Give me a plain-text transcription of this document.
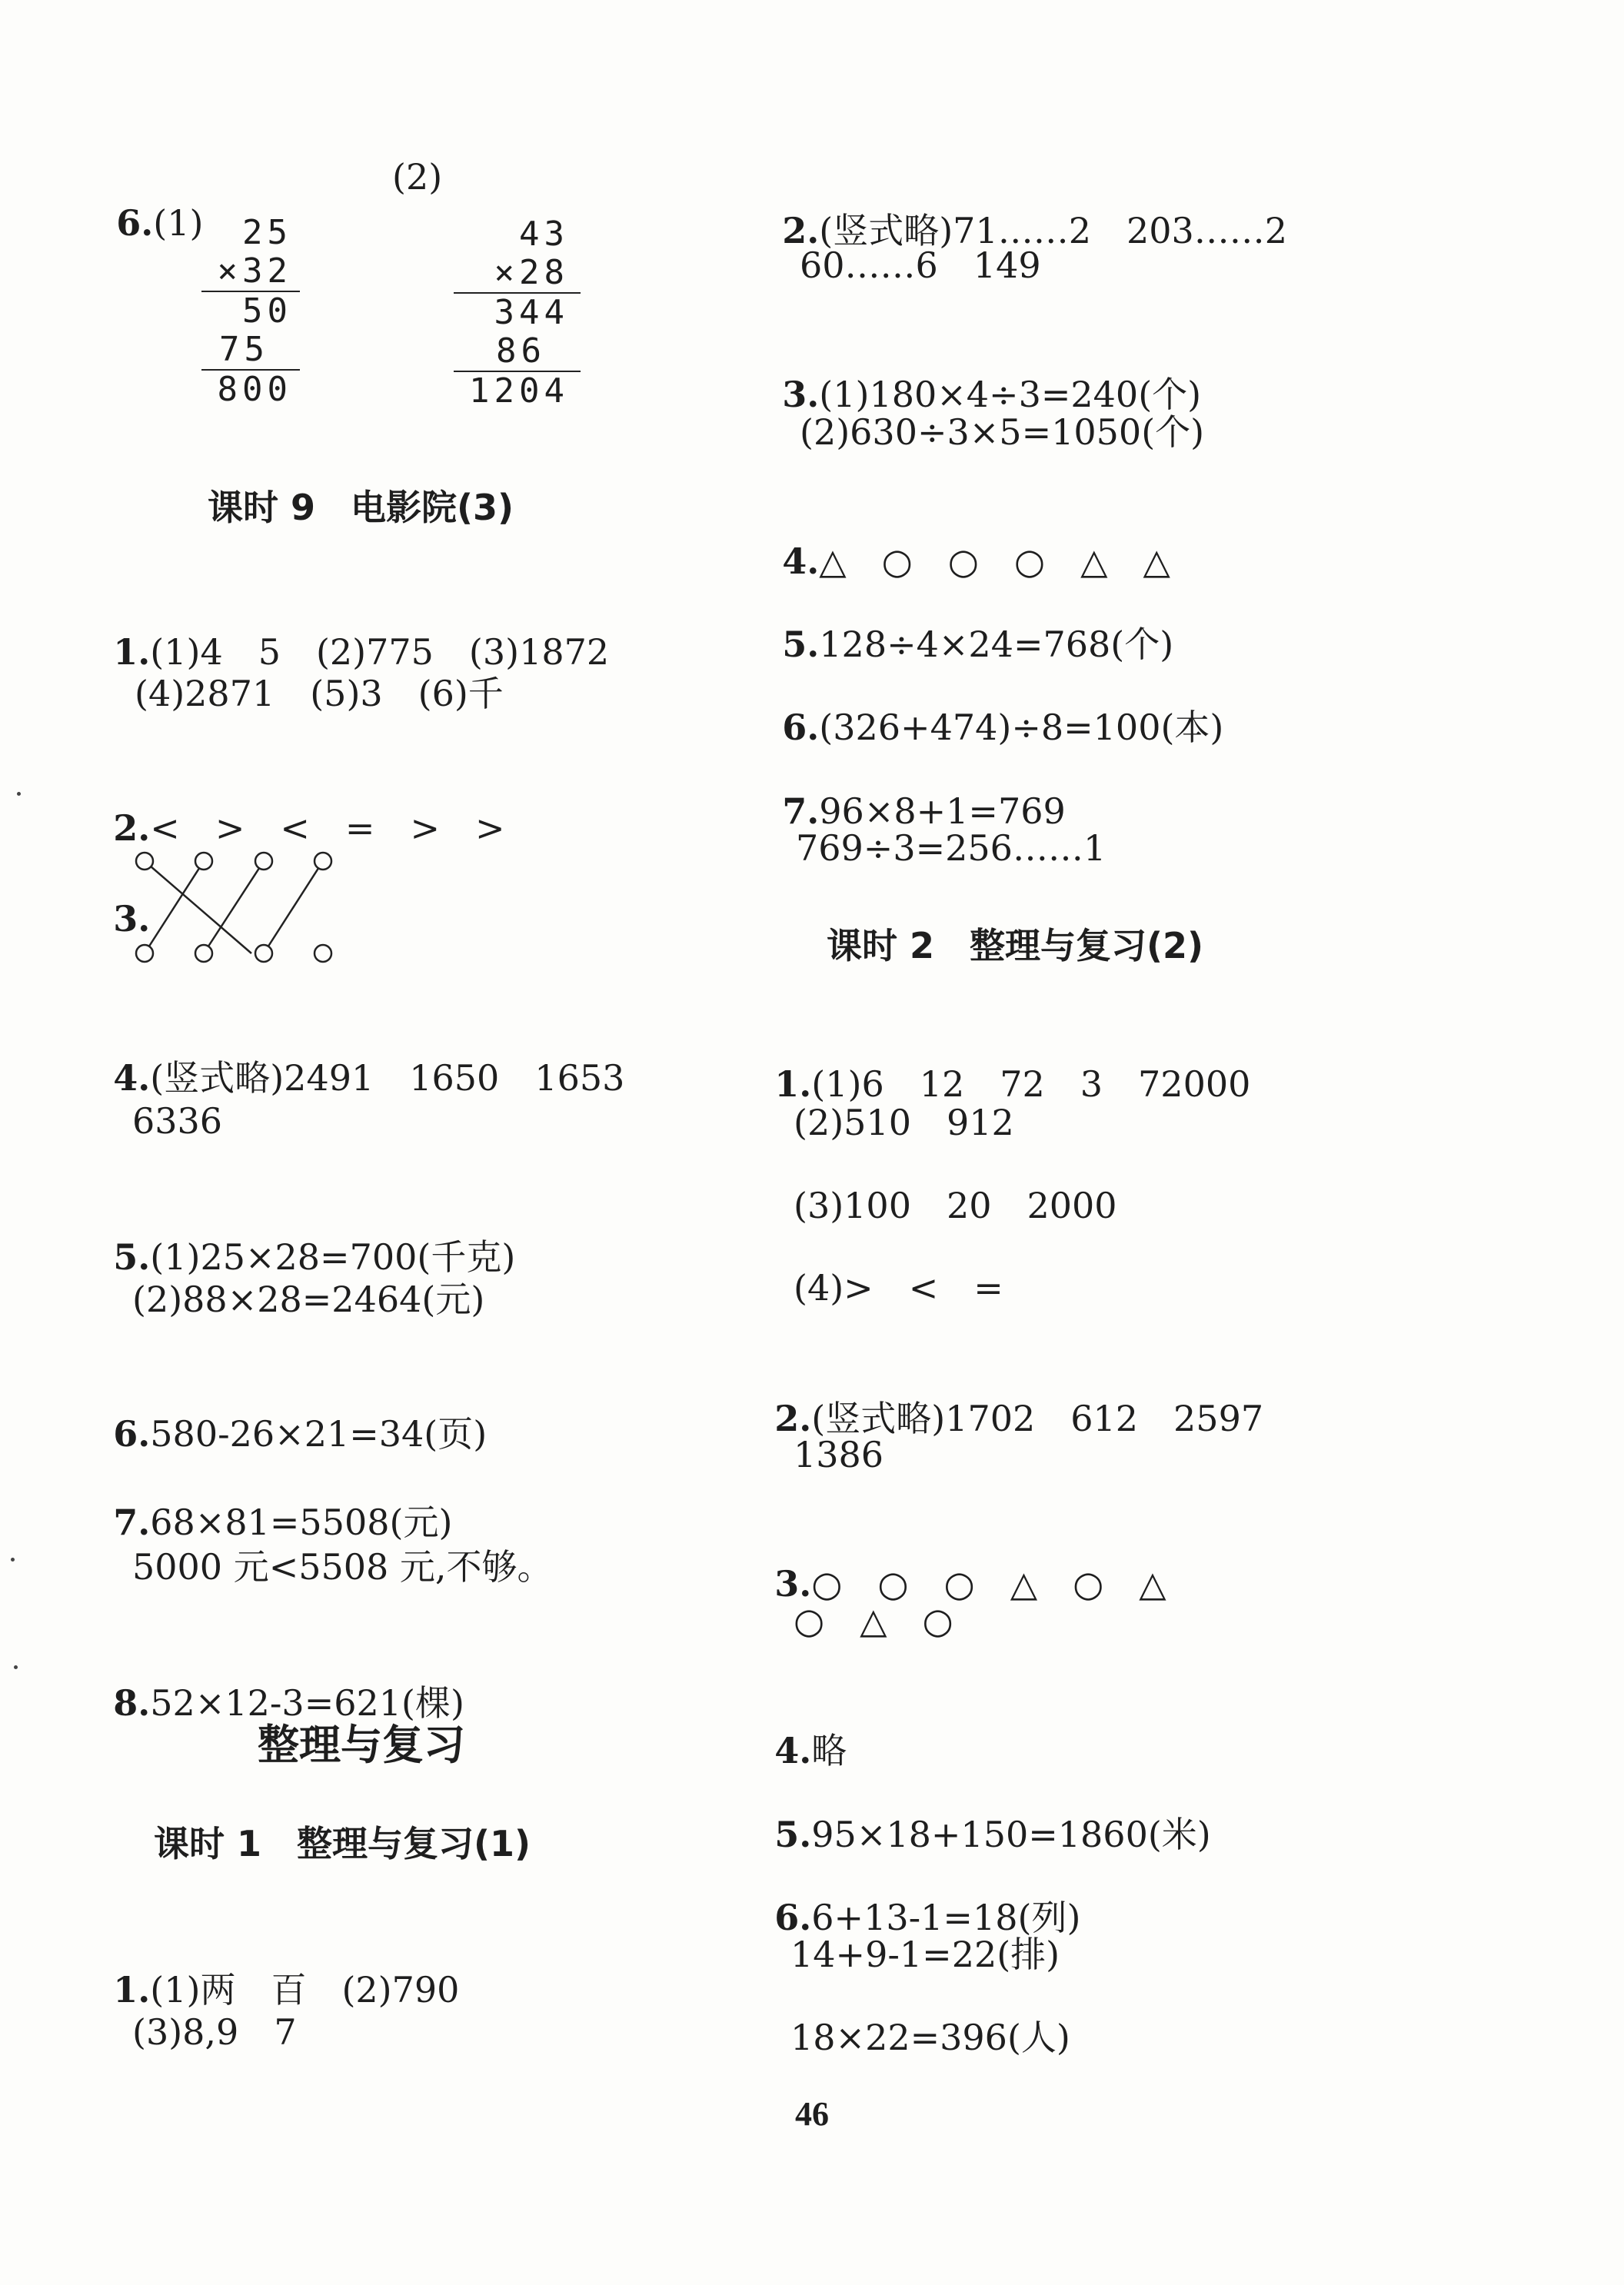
6.(1)

(2)
25
×32
50
75
800
43
×28
344
86
1204
课时 9　电影院(3)

1.(1)4　5　(2)775　(3)1872

(4)2871　(5)3　(6)千

2.<　>　<　=　>　>

3.

4.(竖式略)2491　1650　1653

6336

5.(1)25×28=700(千克)

(2)88×28=2464(元)

6.580-26×21=34(页)

7.68×81=5508(元)

5000 元<5508 元,不够。

8.52×12-3=621(棵)

整理与复习
课时 1　整理与复习(1)

1.(1)两　百　(2)790

(3)8,9　7

2.(竖式略)71……2　203……2

60……6　149

3.(1)180×4÷3=240(个)

(2)630÷3×5=1050(个)

4.△　○　○　○　△　△

5.128÷4×24=768(个)

6.(326+474)÷8=100(本)

7.96×8+1=769

769÷3=256……1
课时 2　整理与复习(2)

1.(1)6　12　72　3　72000

(2)510　912
(3)100　20　2000
(4)>　<　=

2.(竖式略)1702　612　2597

1386

3.○　○　○　△　○　△

○　△　○

4.略

5.95×18+150=1860(米)

6.6+13-1=18(列)

14+9-1=22(排)
18×22=396(人)
46
